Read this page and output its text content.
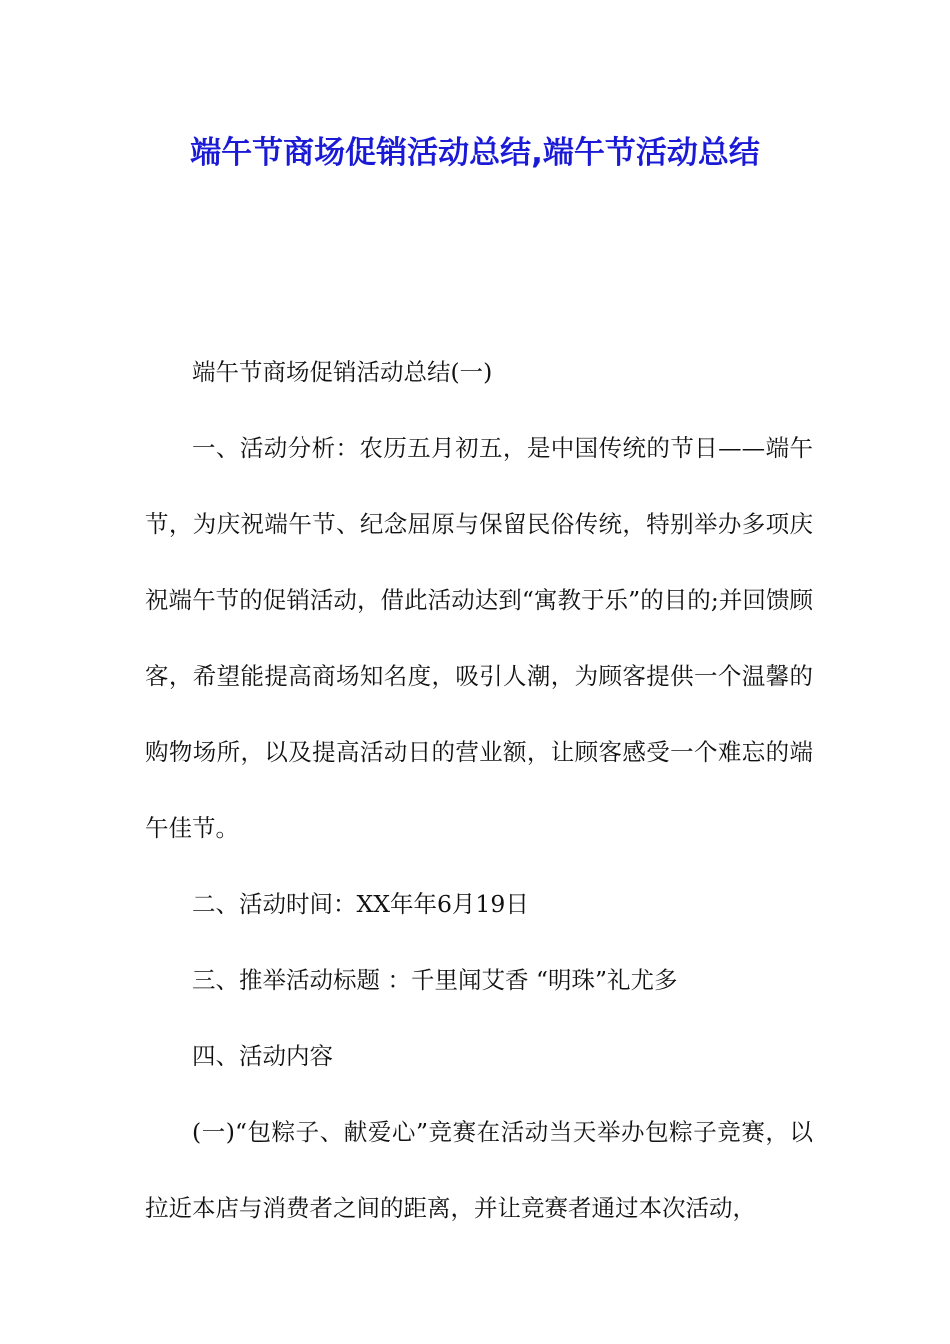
端午节商场促销活动总结,端午节活动总结

端午节商场促销活动总结(一)

一、活动分析：农历五月初五，是中国传统的节日——端午节，为庆祝端午节、纪念屈原与保留民俗传统，特别举办多项庆祝端午节的促销活动，借此活动达到“寓教于乐”的目的;并回馈顾客，希望能提高商场知名度，吸引人潮，为顾客提供一个温馨的购物场所，以及提高活动日的营业额，让顾客感受一个难忘的端午佳节。

二、活动时间：XX年年6月19日

三、推举活动标题 ：千里闻艾香 “明珠”礼尤多

四、活动内容

(一)“包粽子、献爱心”竞赛在活动当天举办包粽子竞赛，以拉近本店与消费者之间的距离，并让竞赛者通过本次活动，
